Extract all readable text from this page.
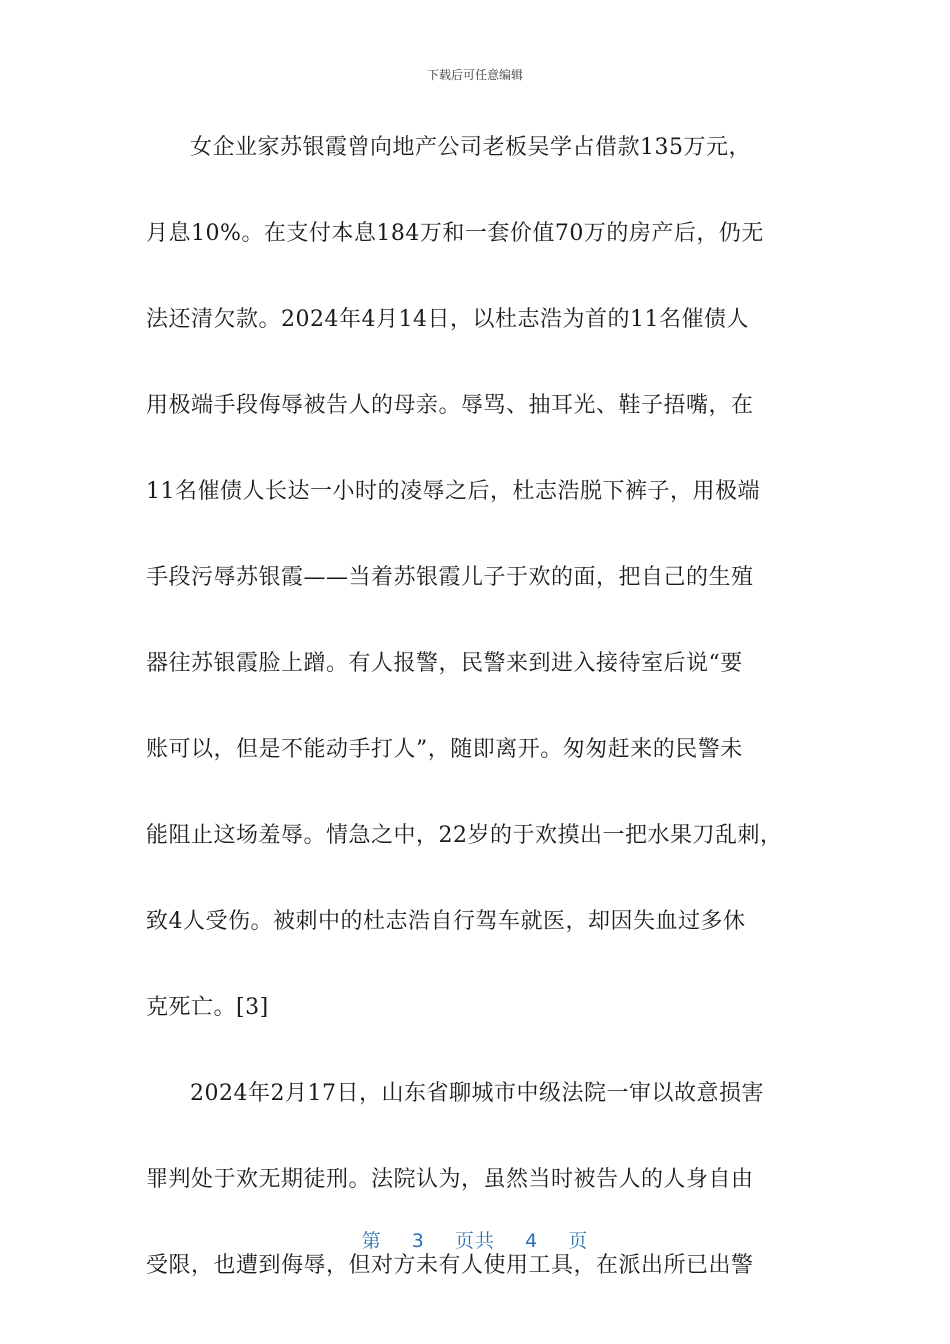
下载后可任意编辑

女企业家苏银霞曾向地产公司老板吴学占借款135万元，
月息10%。在支付本息184万和一套价值70万的房产后，仍无
法还清欠款。2024年4月14日，以杜志浩为首的11名催债人
用极端手段侮辱被告人的母亲。辱骂、抽耳光、鞋子捂嘴，在
11名催债人长达一小时的凌辱之后，杜志浩脱下裤子，用极端
手段污辱苏银霞——当着苏银霞儿子于欢的面，把自己的生殖
器往苏银霞脸上蹭。有人报警，民警来到进入接待室后说“要
账可以，但是不能动手打人”，随即离开。匆匆赶来的民警未
能阻止这场羞辱。情急之中，22岁的于欢摸出一把水果刀乱刺，
致4人受伤。被刺中的杜志浩自行驾车就医，却因失血过多休
克死亡。[3]

2024年2月17日，山东省聊城市中级法院一审以故意损害
罪判处于欢无期徒刑。法院认为，虽然当时被告人的人身自由
受限，也遭到侮辱，但对方未有人使用工具，在派出所已出警

第 3 页共 4 页
